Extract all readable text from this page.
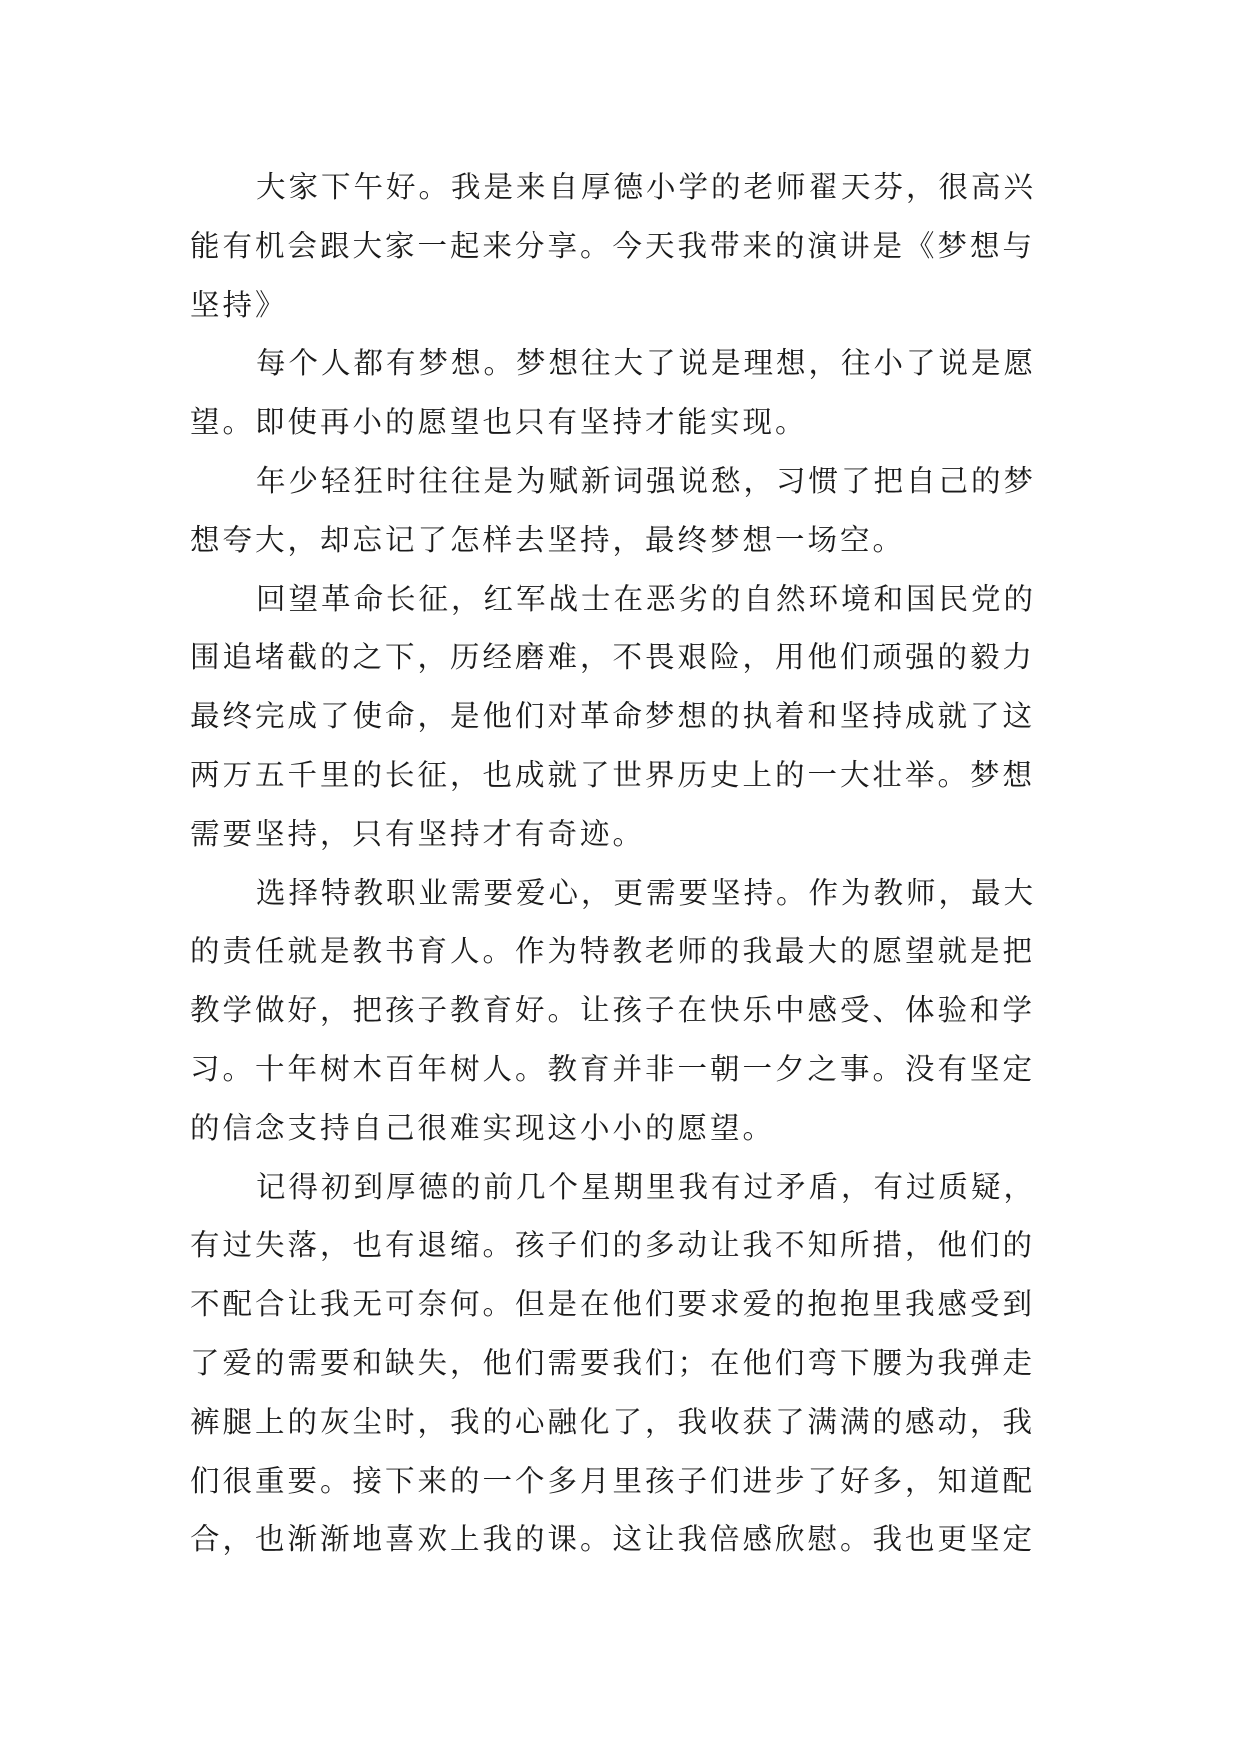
大家下午好。我是来自厚德小学的老师翟天芬，很高兴
能有机会跟大家一起来分享。今天我带来的演讲是《梦想与
坚持》
每个人都有梦想。梦想往大了说是理想，往小了说是愿
望。即使再小的愿望也只有坚持才能实现。
年少轻狂时往往是为赋新词强说愁，习惯了把自己的梦
想夸大，却忘记了怎样去坚持，最终梦想一场空。
回望革命长征，红军战士在恶劣的自然环境和国民党的
围追堵截的之下，历经磨难，不畏艰险，用他们顽强的毅力
最终完成了使命，是他们对革命梦想的执着和坚持成就了这
两万五千里的长征，也成就了世界历史上的一大壮举。梦想
需要坚持，只有坚持才有奇迹。
选择特教职业需要爱心，更需要坚持。作为教师，最大
的责任就是教书育人。作为特教老师的我最大的愿望就是把
教学做好，把孩子教育好。让孩子在快乐中感受、体验和学
习。十年树木百年树人。教育并非一朝一夕之事。没有坚定
的信念支持自己很难实现这小小的愿望。
记得初到厚德的前几个星期里我有过矛盾，有过质疑，
有过失落，也有退缩。孩子们的多动让我不知所措，他们的
不配合让我无可奈何。但是在他们要求爱的抱抱里我感受到
了爱的需要和缺失，他们需要我们；在他们弯下腰为我弹走
裤腿上的灰尘时，我的心融化了，我收获了满满的感动，我
们很重要。接下来的一个多月里孩子们进步了好多，知道配
合，也渐渐地喜欢上我的课。这让我倍感欣慰。我也更坚定
